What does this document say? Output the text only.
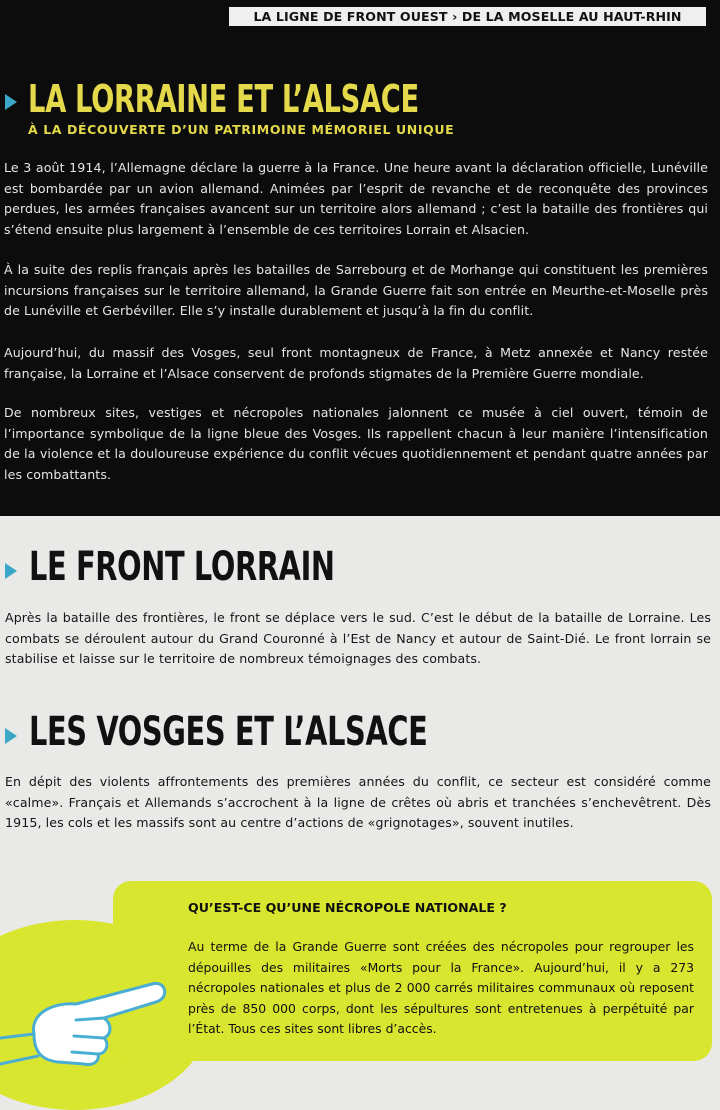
LA LIGNE DE FRONT OUEST › DE LA MOSELLE AU HAUT-RHIN
LA LORRAINE ET L’ALSACE
À LA DÉCOUVERTE D’UN PATRIMOINE MÉMORIEL UNIQUE

Le 3 août 1914, l’Allemagne déclare la guerre à la France. Une heure avant la déclaration officielle, Lunéville est bombardée par un avion allemand. Animées par l’esprit de revanche et de reconquête des provinces perdues, les armées françaises avancent sur un territoire alors allemand ; c’est la bataille des frontières qui s’étend ensuite plus largement à l’ensemble de ces territoires Lorrain et Alsacien.

À la suite des replis français après les batailles de Sarrebourg et de Morhange qui constituent les premières incursions françaises sur le territoire allemand, la Grande Guerre fait son entrée en Meurthe-et-Moselle près de Lunéville et Gerbéviller. Elle s’y installe durablement et jusqu’à la fin du conflit.

Aujourd’hui, du massif des Vosges, seul front montagneux de France, à Metz annexée et Nancy restée française, la Lorraine et l’Alsace conservent de profonds stigmates de la Première Guerre mondiale.

De nombreux sites, vestiges et nécropoles nationales jalonnent ce musée à ciel ouvert, témoin de l’importance symbolique de la ligne bleue des Vosges. Ils rappellent chacun à leur manière l’intensification de la violence et la douloureuse expérience du conflit vécues quotidiennement et pendant quatre années par les combattants.

LE FRONT LORRAIN

Après la bataille des frontières, le front se déplace vers le sud. C’est le début de la bataille de Lorraine. Les combats se déroulent autour du Grand Couronné à l’Est de Nancy et autour de Saint-Dié. Le front lorrain se stabilise et laisse sur le territoire de nombreux témoignages des combats.

LES VOSGES ET L’ALSACE

En dépit des violents affrontements des premières années du conflit, ce secteur est considéré comme «calme». Français et Allemands s’accrochent à la ligne de crêtes où abris et tranchées s’enchevêtrent. Dès 1915, les cols et les massifs sont au centre d’actions de «grignotages», souvent inutiles.

QU’EST-CE QU’UNE NÉCROPOLE NATIONALE ?

Au terme de la Grande Guerre sont créées des nécropoles pour regrouper les dépouilles des militaires «Morts pour la France». Aujourd’hui, il y a 273 nécropoles nationales et plus de 2 000 carrés militaires communaux où reposent près de 850 000 corps, dont les sépultures sont entretenues à perpétuité par l’État. Tous ces sites sont libres d’accès.
